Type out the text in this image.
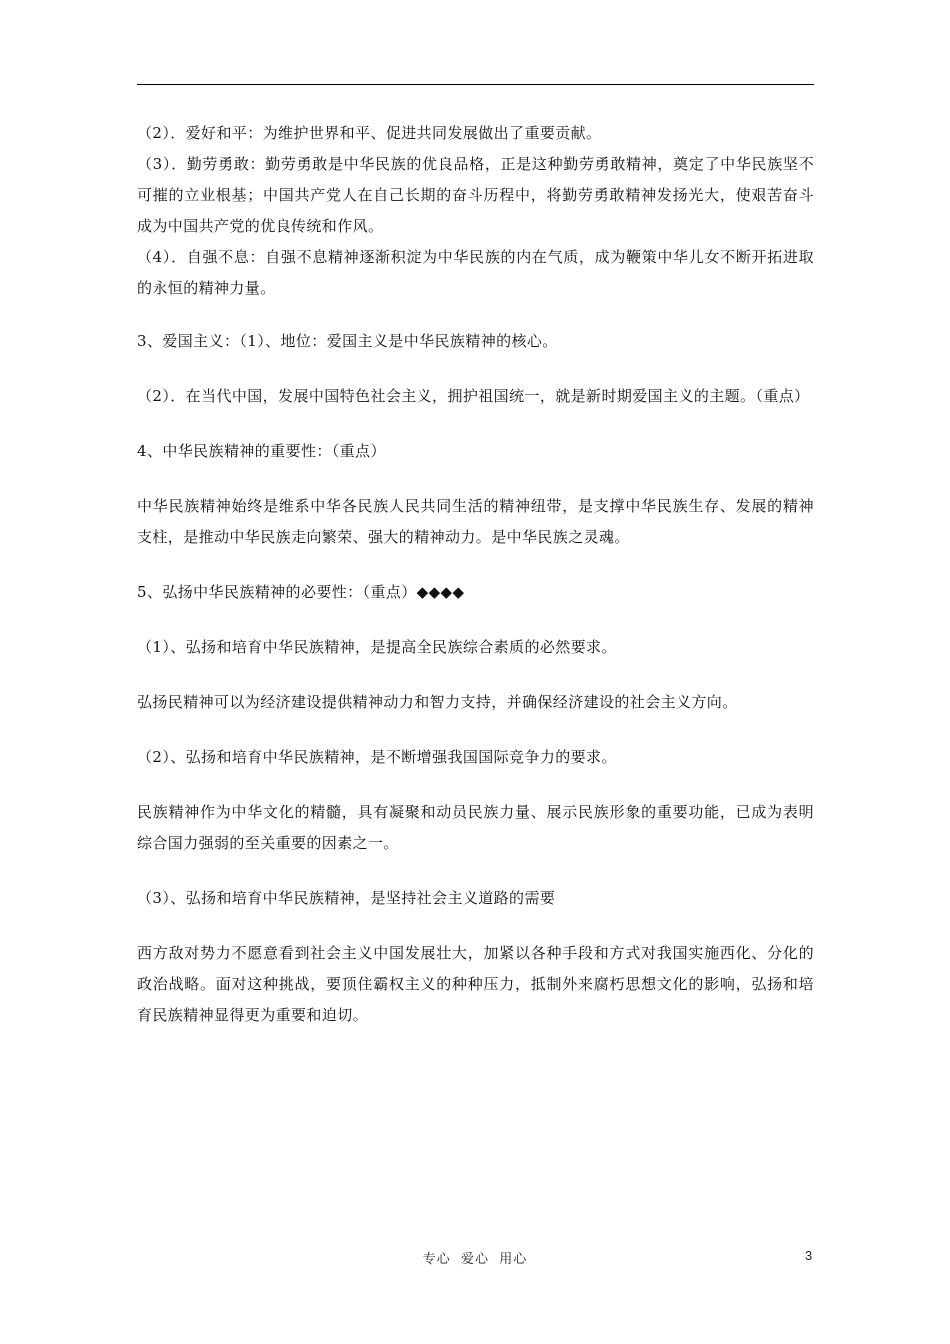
（2）．爱好和平：为维护世界和平、促进共同发展做出了重要贡献。

（3）．勤劳勇敢：勤劳勇敢是中华民族的优良品格，正是这种勤劳勇敢精神，奠定了中华民族坚不可摧的立业根基；中国共产党人在自己长期的奋斗历程中，将勤劳勇敢精神发扬光大，使艰苦奋斗成为中国共产党的优良传统和作风。

（4）．自强不息：自强不息精神逐渐积淀为中华民族的内在气质，成为鞭策中华儿女不断开拓进取的永恒的精神力量。

3、爱国主义：（1）、地位：爱国主义是中华民族精神的核心。

（2）．在当代中国，发展中国特色社会主义，拥护祖国统一，就是新时期爱国主义的主题。（重点）

4、中华民族精神的重要性：（重点）

中华民族精神始终是维系中华各民族人民共同生活的精神纽带，是支撑中华民族生存、发展的精神支柱，是推动中华民族走向繁荣、强大的精神动力。是中华民族之灵魂。

5、弘扬中华民族精神的必要性：（重点）◆◆◆◆

（1）、弘扬和培育中华民族精神，是提高全民族综合素质的必然要求。

弘扬民精神可以为经济建设提供精神动力和智力支持，并确保经济建设的社会主义方向。

（2）、弘扬和培育中华民族精神，是不断增强我国国际竞争力的要求。

民族精神作为中华文化的精髓，具有凝聚和动员民族力量、展示民族形象的重要功能，已成为表明综合国力强弱的至关重要的因素之一。

（3）、弘扬和培育中华民族精神，是坚持社会主义道路的需要

西方敌对势力不愿意看到社会主义中国发展壮大，加紧以各种手段和方式对我国实施西化、分化的政治战略。面对这种挑战，要顶住霸权主义的种种压力，抵制外来腐朽思想文化的影响，弘扬和培育民族精神显得更为重要和迫切。

专心  爱心  用心	3
